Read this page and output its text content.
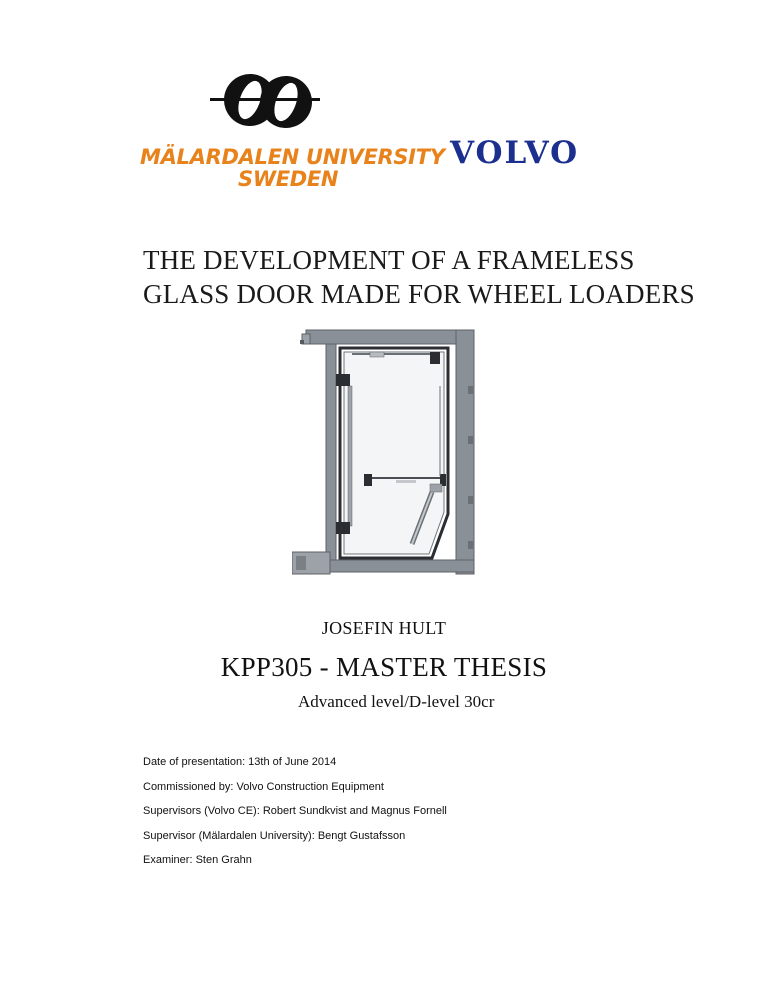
MÄLARDALEN UNIVERSITY
SWEDEN
VOLVO
THE DEVELOPMENT OF A FRAMELESS
GLASS DOOR MADE FOR WHEEL LOADERS
JOSEFIN HULT
KPP305 - MASTER THESIS
Advanced level/D-level 30cr
Date of presentation: 13th of June 2014
Commissioned by: Volvo Construction Equipment
Supervisors (Volvo CE): Robert Sundkvist and Magnus Fornell
Supervisor (Mälardalen University): Bengt Gustafsson
Examiner: Sten Grahn
